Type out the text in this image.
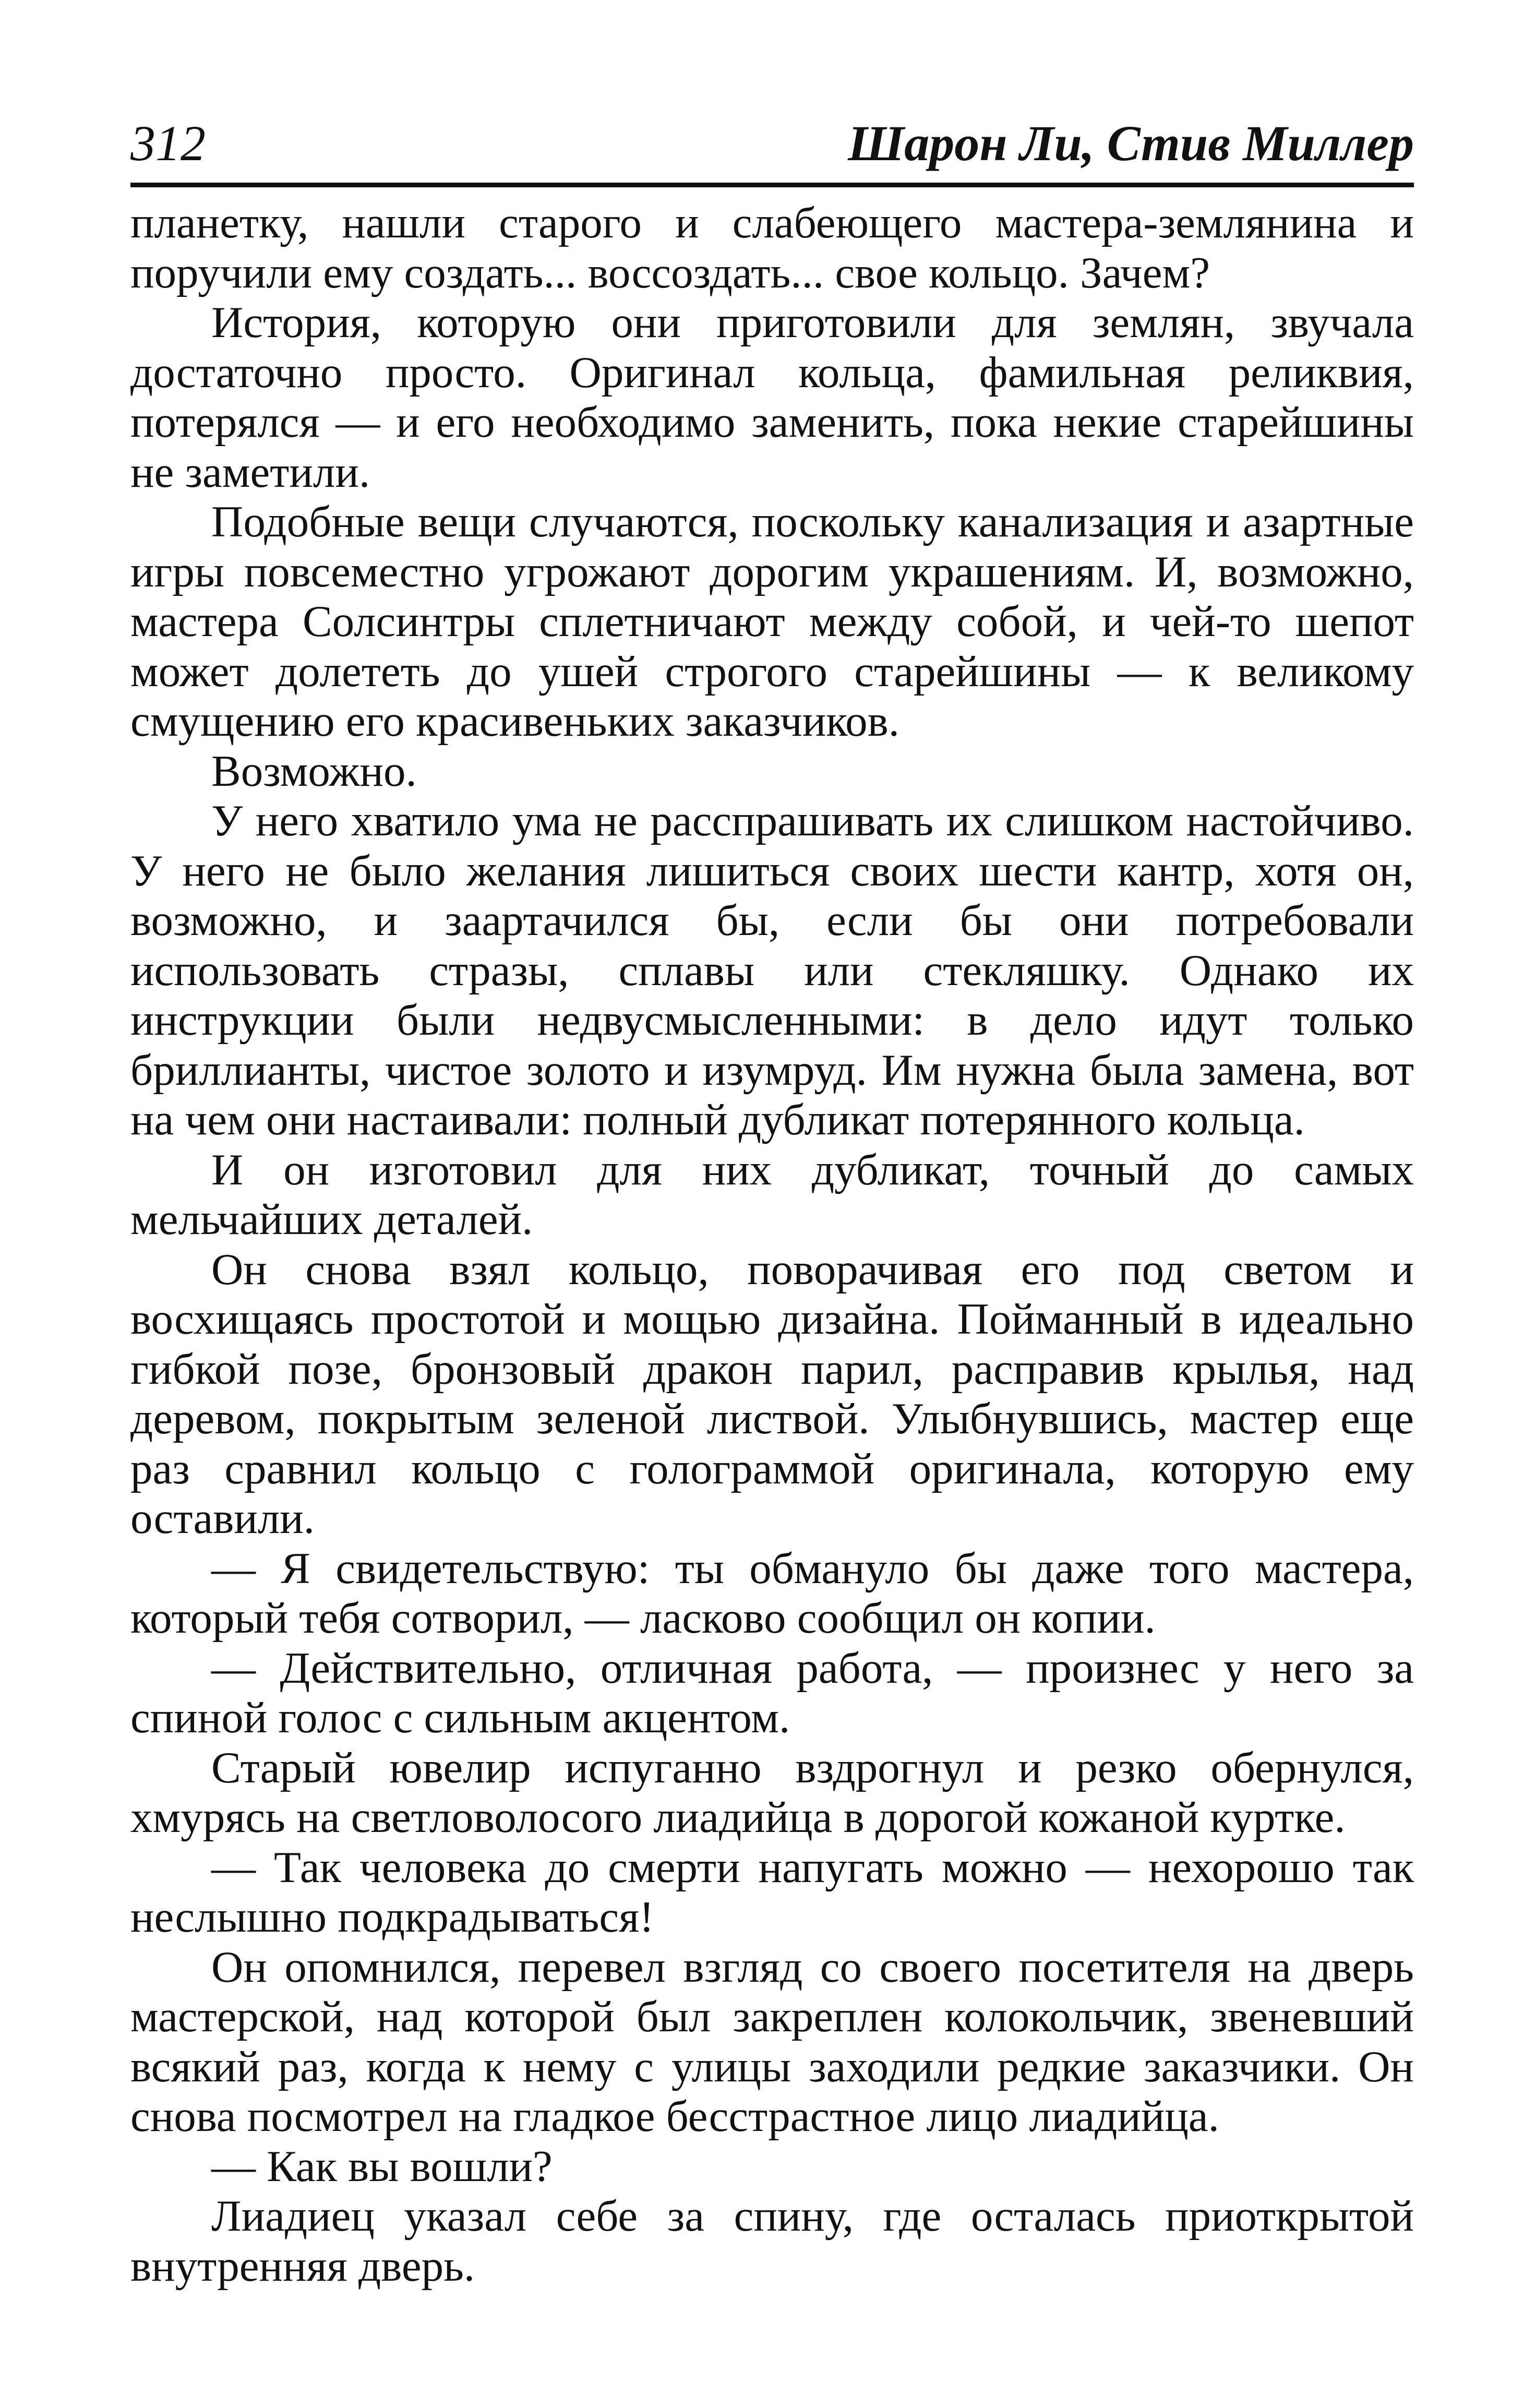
312	Шарон Ли, Стив Миллер

планетку, нашли старого и слабеющего мастера-землянина и поручили ему создать... воссоздать... свое кольцо. Зачем?

История, которую они приготовили для землян, звучала достаточно просто. Оригинал кольца, фамильная реликвия, потерялся — и его необходимо заменить, пока некие старейшины не заметили.

Подобные вещи случаются, поскольку канализация и азартные игры повсеместно угрожают дорогим украшениям. И, возможно, мастера Солсинтры сплетничают между собой, и чей-то шепот может долететь до ушей строгого старейшины — к великому смущению его красивеньких заказчиков.

Возможно.

У него хватило ума не расспрашивать их слишком настойчиво. У него не было желания лишиться своих шести кантр, хотя он, возможно, и заартачился бы, если бы они потребовали использовать стразы, сплавы или стекляшку. Однако их инструкции были недвусмысленными: в дело идут только бриллианты, чистое золото и изумруд. Им нужна была замена, вот на чем они настаивали: полный дубликат потерянного кольца.

И он изготовил для них дубликат, точный до самых мельчайших деталей.

Он снова взял кольцо, поворачивая его под светом и восхищаясь простотой и мощью дизайна. Пойманный в идеально гибкой позе, бронзовый дракон парил, расправив крылья, над деревом, покрытым зеленой листвой. Улыбнувшись, мастер еще раз сравнил кольцо с голограммой оригинала, которую ему оставили.

— Я свидетельствую: ты обмануло бы даже того мастера, который тебя сотворил, — ласково сообщил он копии.

— Действительно, отличная работа, — произнес у него за спиной голос с сильным акцентом.

Старый ювелир испуганно вздрогнул и резко обернулся, хмурясь на светловолосого лиадийца в дорогой кожаной куртке.

— Так человека до смерти напугать можно — нехорошо так неслышно подкрадываться!

Он опомнился, перевел взгляд со своего посетителя на дверь мастерской, над которой был закреплен колокольчик, звеневший всякий раз, когда к нему с улицы заходили редкие заказчики. Он снова посмотрел на гладкое бесстрастное лицо лиадийца.

— Как вы вошли?

Лиадиец указал себе за спину, где осталась приоткрытой внутренняя дверь.
